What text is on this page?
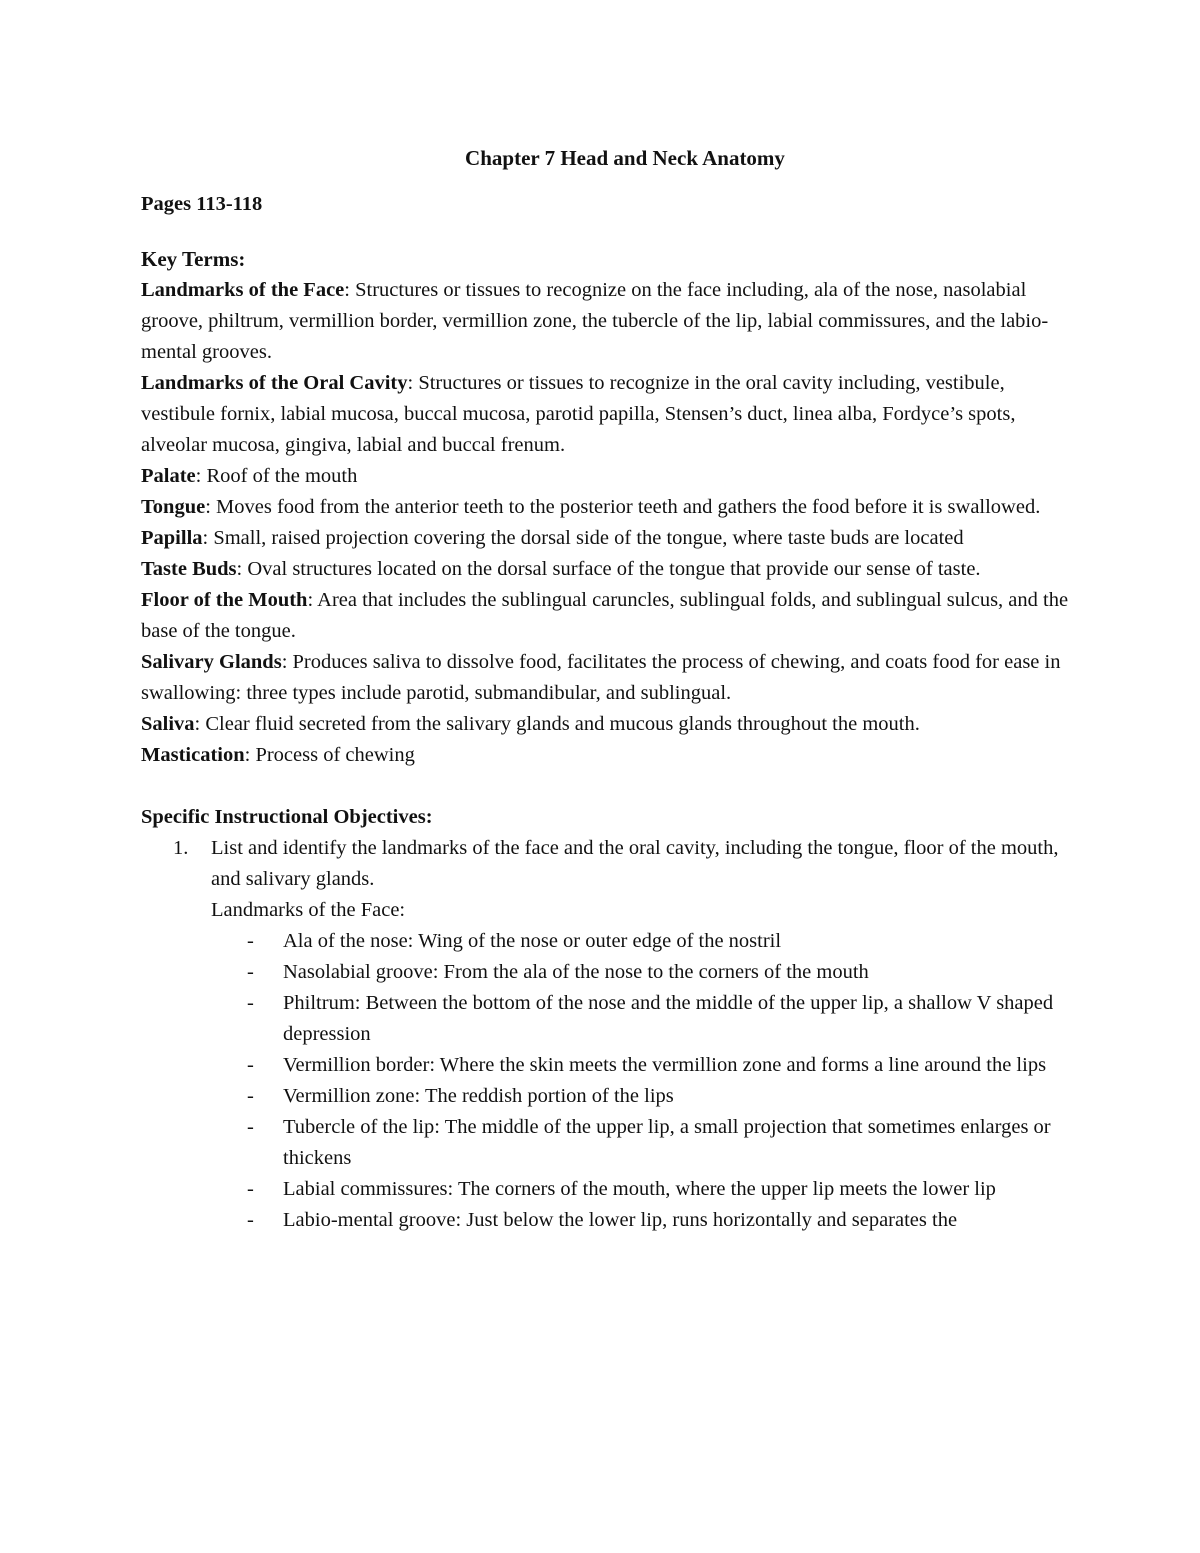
Chapter 7 Head and Neck Anatomy
Pages 113-118
Key Terms:

Landmarks of the Face: Structures or tissues to recognize on the face including, ala of the nose, nasolabial groove, philtrum, vermillion border, vermillion zone, the tubercle of the lip, labial commissures, and the labio-mental grooves.

Landmarks of the Oral Cavity: Structures or tissues to recognize in the oral cavity including, vestibule, vestibule fornix, labial mucosa, buccal mucosa, parotid papilla, Stensen’s duct, linea alba, Fordyce’s spots, alveolar mucosa, gingiva, labial and buccal frenum.

Palate: Roof of the mouth

Tongue: Moves food from the anterior teeth to the posterior teeth and gathers the food before it is swallowed.

Papilla: Small, raised projection covering the dorsal side of the tongue, where taste buds are located

Taste Buds: Oval structures located on the dorsal surface of the tongue that provide our sense of taste.

Floor of the Mouth: Area that includes the sublingual caruncles, sublingual folds, and sublingual sulcus, and the base of the tongue.

Salivary Glands: Produces saliva to dissolve food, facilitates the process of chewing, and coats food for ease in swallowing: three types include parotid, submandibular, and sublingual.

Saliva: Clear fluid secreted from the salivary glands and mucous glands throughout the mouth.

Mastication: Process of chewing

Specific Instructional Objectives:
1. List and identify the landmarks of the face and the oral cavity, including the tongue, floor of the mouth, and salivary glands.
Landmarks of the Face:
- Ala of the nose: Wing of the nose or outer edge of the nostril
- Nasolabial groove: From the ala of the nose to the corners of the mouth
- Philtrum: Between the bottom of the nose and the middle of the upper lip, a shallow V shaped depression
- Vermillion border: Where the skin meets the vermillion zone and forms a line around the lips
- Vermillion zone: The reddish portion of the lips
- Tubercle of the lip: The middle of the upper lip, a small projection that sometimes enlarges or thickens
- Labial commissures: The corners of the mouth, where the upper lip meets the lower lip
- Labio-mental groove: Just below the lower lip, runs horizontally and separates the
